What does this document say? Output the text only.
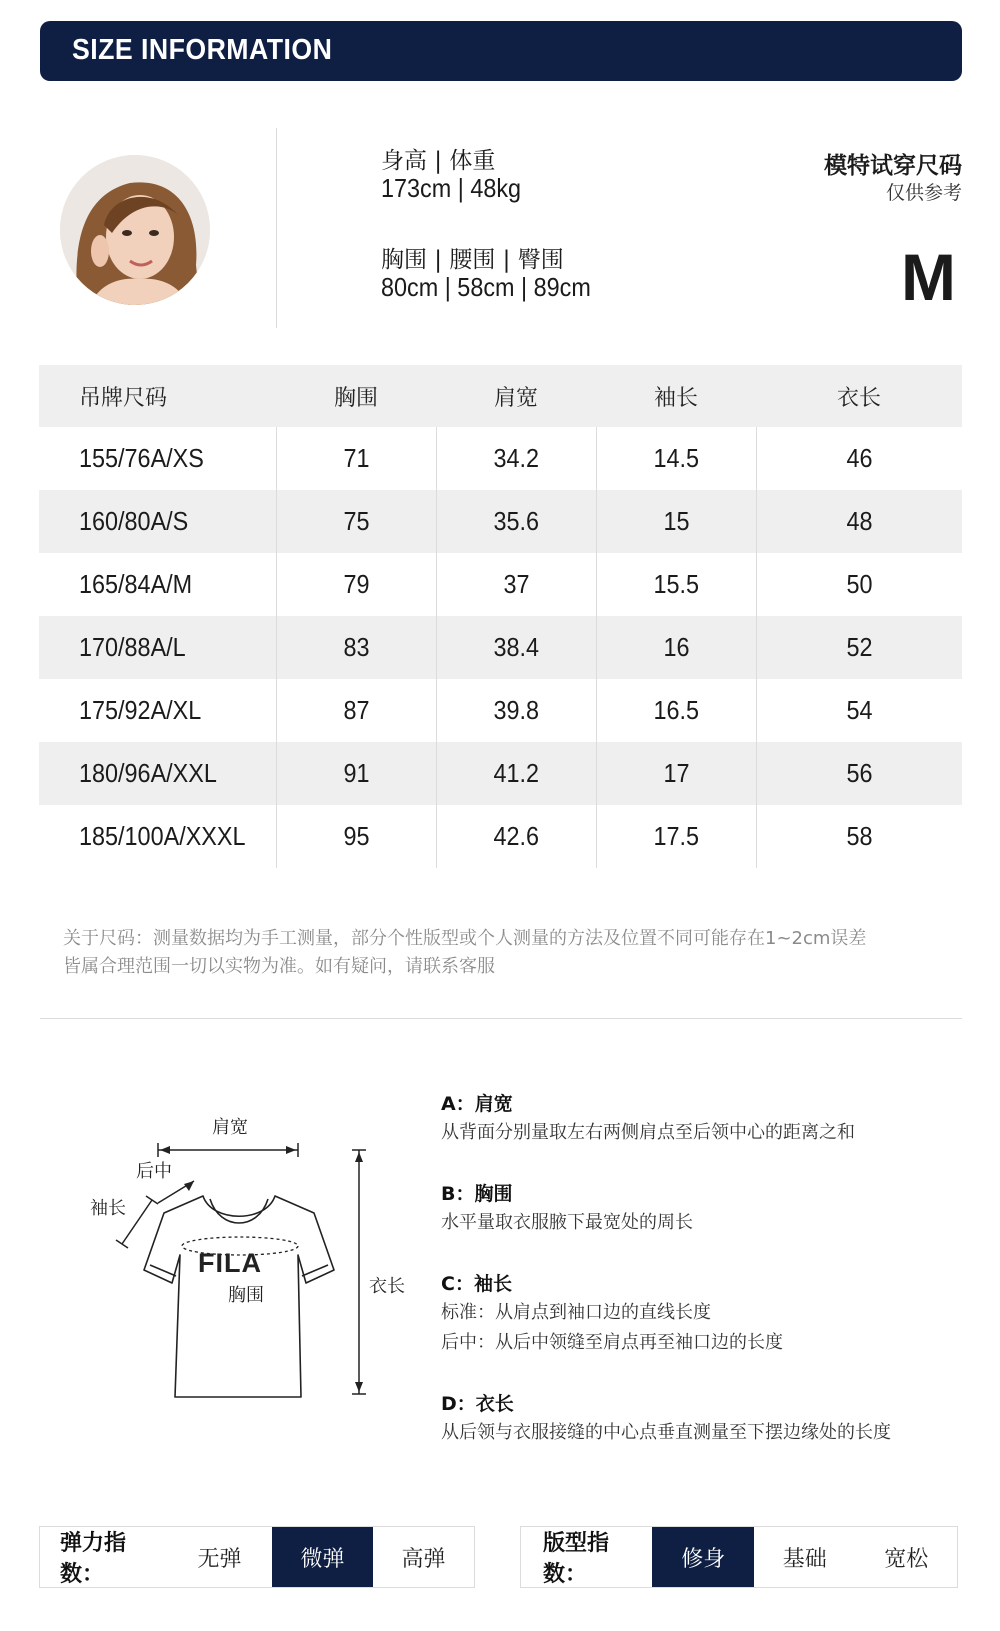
SIZE INFORMATION
身高 | 体重
173cm | 48kg
胸围 | 腰围 | 臀围
80cm | 58cm | 89cm
模特试穿尺码
仅供参考
M
吊牌尺码	胸围	肩宽	袖长	衣长
155/76A/XS	71	34.2	14.5	46
160/80A/S	75	35.6	15	48
165/84A/M	79	37	15.5	50
170/88A/L	83	38.4	16	52
175/92A/XL	87	39.8	16.5	54
180/96A/XXL	91	41.2	17	56
185/100A/XXXL	95	42.6	17.5	58
关于尺码：测量数据均为手工测量，部分个性版型或个人测量的方法及位置不同可能存在1~2cm误差
皆属合理范围一切以实物为准。如有疑问，请联系客服
肩宽
后中
袖长
FILA
胸围	衣长
A：肩宽
从背面分别量取左右两侧肩点至后领中心的距离之和
B：胸围
水平量取衣服腋下最宽处的周长
C：袖长
标准：从肩点到袖口边的直线长度
后中：从后中领缝至肩点再至袖口边的长度
D：衣长
从后领与衣服接缝的中心点垂直测量至下摆边缘处的长度
弹力指数：
无弹	微弹	高弹
版型指数：
修身	基础	宽松
